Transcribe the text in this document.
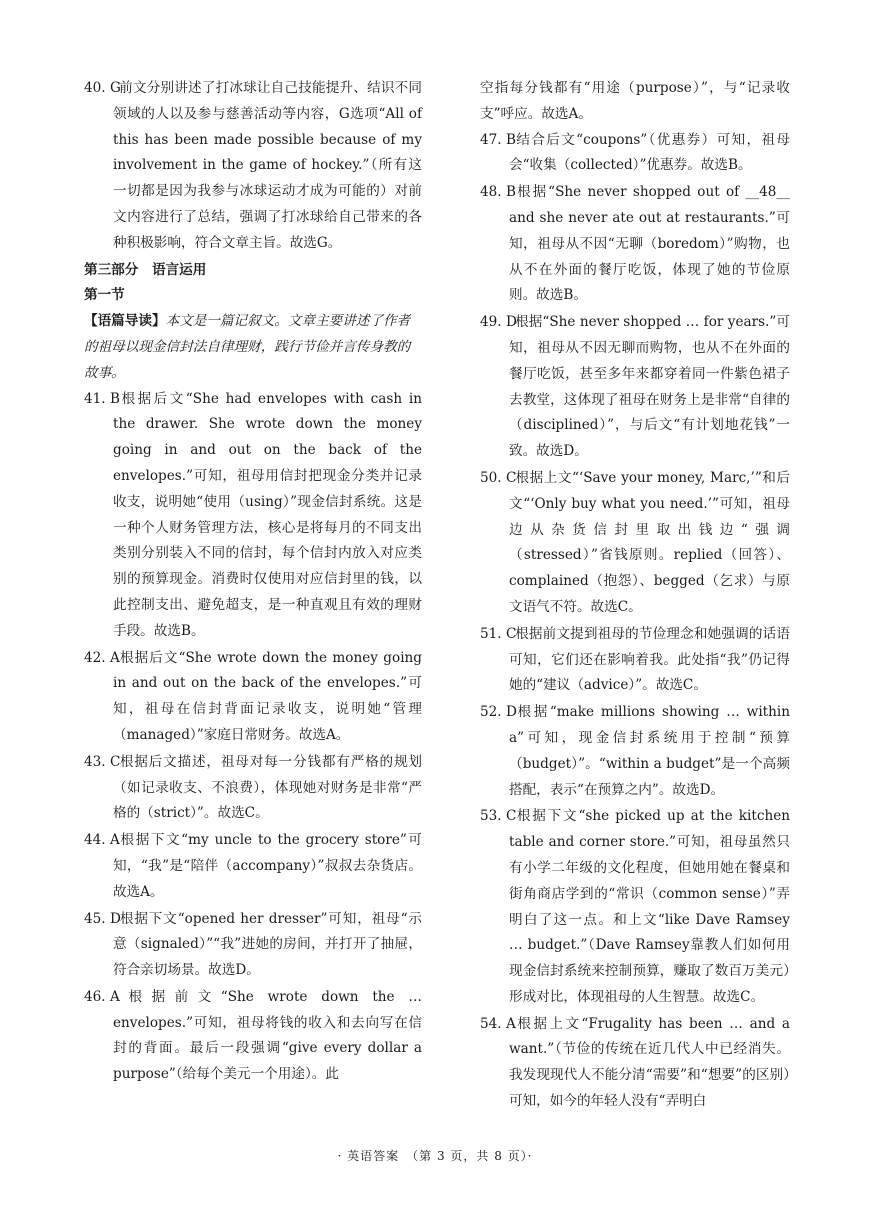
40. G
前文分别讲述了打冰球让自己技能提升、结识不同领域的人以及参与慈善活动等内容，G选项“All of this has been made possible because of my involvement in the game of hockey.”（所有这一切都是因为我参与冰球运动才成为可能的）对前文内容进行了总结，强调了打冰球给自己带来的各种积极影响，符合文章主旨。故选G。
第三部分　语言运用
第一节
【语篇导读】本文是一篇记叙文。文章主要讲述了作者的祖母以现金信封法自律理财，践行节俭并言传身教的故事。
41. B 根据后文“She had envelopes with cash in the drawer. She wrote down the money going in and out on the back of the envelopes.”可知，祖母用信封把现金分类并记录收支，说明她“使用（using）”现金信封系统。这是一种个人财务管理方法，核心是将每月的不同支出类别分别装入不同的信封，每个信封内放入对应类别的预算现金。消费时仅使用对应信封里的钱，以此控制支出、避免超支，是一种直观且有效的理财手段。故选B。
42. A 根据后文“She wrote down the money going in and out on the back of the envelopes.”可知，祖母在信封背面记录收支，说明她“管理（managed）”家庭日常财务。故选A。
43. C
根据后文描述，祖母对每一分钱都有严格的规划（如记录收支、不浪费），体现她对财务是非常“严格的（strict）”。故选C。
44. A 根据下文“my uncle to the grocery store”可知，“我”是“陪伴（accompany）”叔叔去杂货店。故选A。
45. D
根据下文“opened her dresser”可知，祖母“示意（signaled）”“我”进她的房间，并打开了抽屉，符合亲切场景。故选D。
46. A 根据前文“She wrote down the … envelopes.”可知，祖母将钱的收入和去向写在信封的背面。最后一段强调“give every dollar a purpose”（给每个美元一个用途）。此
空指每分钱都有“用途（purpose）”，与“记录收支”呼应。故选A。
47. B 结合后文“coupons”（优惠券）可知，祖母会“收集（collected）”优惠券。故选B。
48. B 根据“She never shopped out of __48__ and she never ate out at restaurants.”可知，祖母从不因“无聊（boredom）”购物，也从不在外面的餐厅吃饭，体现了她的节俭原则。故选B。
49. D
根据“She never shopped … for years.”可知，祖母从不因无聊而购物，也从不在外面的餐厅吃饭，甚至多年来都穿着同一件紫色裙子去教堂，这体现了祖母在财务上是非常“自律的（disciplined）”，与后文“有计划地花钱”一致。故选D。
50. C
根据上文“‘Save your money, Marc,’”和后文“‘Only buy what you need.’”可知，祖母边从杂货信封里取出钱边“强调（stressed）”省钱原则。replied（回答）、complained（抱怨）、begged（乞求）与原文语气不符。故选C。
51. C
根据前文提到祖母的节俭理念和她强调的话语可知，它们还在影响着我。此处指“我”仍记得她的“建议（advice）”。故选C。
52. D
根据“make millions showing … within a”可知，现金信封系统用于控制“预算（budget）”。“within a budget”是一个高频搭配，表示“在预算之内”。故选D。
53. C
根据下文“she picked up at the kitchen table and corner store.”可知，祖母虽然只有小学二年级的文化程度，但她用她在餐桌和街角商店学到的“常识（common sense）”弄明白了这一点。和上文“like Dave Ramsey … budget.”（Dave Ramsey靠教人们如何用现金信封系统来控制预算，赚取了数百万美元）形成对比，体现祖母的人生智慧。故选C。
54. A 根据上文“Frugality has been … and a want.”（节俭的传统在近几代人中已经消失。我发现现代人不能分清“需要”和“想要”的区别）可知，如今的年轻人没有“弄明白
· 英语答案　（第 3 页，共 8 页）·
